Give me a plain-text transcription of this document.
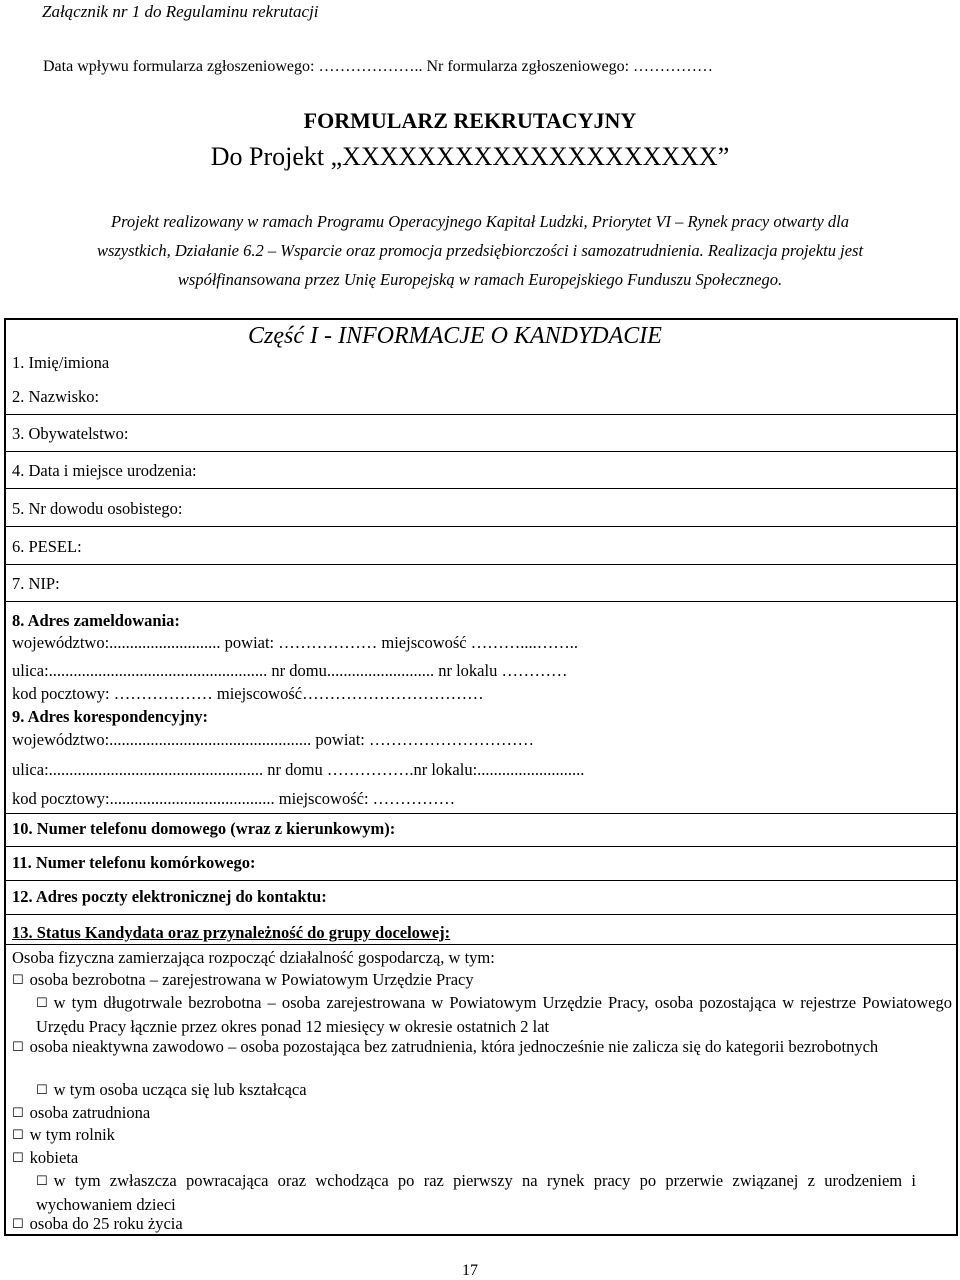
Załącznik nr 1 do Regulaminu rekrutacji
Data wpływu formularza zgłoszeniowego: ……………….. Nr formularza zgłoszeniowego: ……………
FORMULARZ REKRUTACYJNY
Do Projekt „XXXXXXXXXXXXXXXXXXXX”
Projekt realizowany w ramach Programu Operacyjnego Kapitał Ludzki, Priorytet VI – Rynek pracy otwarty dla
wszystkich, Działanie 6.2 – Wsparcie oraz promocja przedsiębiorczości i samozatrudnienia. Realizacja projektu jest
współfinansowana przez Unię Europejską w ramach Europejskiego Funduszu Społecznego.
Część I - INFORMACJE O KANDYDACIE
1. Imię/imiona
2. Nazwisko:
3. Obywatelstwo:
4. Data i miejsce urodzenia:
5. Nr dowodu osobistego:
6. PESEL:
7. NIP:
8. Adres zameldowania:
województwo:........................... powiat: ……………… miejscowość ………....……..
ulica:..................................................... nr domu.......................... nr lokalu …………
kod pocztowy: ……………… miejscowość……………………………
9. Adres korespondencyjny:
województwo:................................................. powiat: …………………………
ulica:.................................................... nr domu …………….nr lokalu:..........................
kod pocztowy:........................................ miejscowość: ……………
10. Numer telefonu domowego (wraz z kierunkowym):
11. Numer telefonu komórkowego:
12. Adres poczty elektronicznej do kontaktu:
13. Status Kandydata oraz przynależność do grupy docelowej:
Osoba fizyczna zamierzająca rozpocząć działalność gospodarczą, w tym:
☐ osoba bezrobotna – zarejestrowana w Powiatowym Urzędzie Pracy
☐ w tym długotrwale bezrobotna – osoba zarejestrowana w Powiatowym Urzędzie Pracy, osoba pozostająca w rejestrze Powiatowego Urzędu Pracy łącznie przez okres ponad 12 miesięcy w okresie ostatnich 2 lat
☐ osoba nieaktywna zawodowo – osoba pozostająca bez zatrudnienia, która jednocześnie nie zalicza się do kategorii bezrobotnych
☐ w tym osoba ucząca się lub kształcąca
☐ osoba zatrudniona
☐ w tym rolnik
☐ kobieta
☐ w tym zwłaszcza powracająca oraz wchodząca po raz pierwszy na rynek pracy po przerwie związanej z urodzeniem i wychowaniem dzieci
☐ osoba do 25 roku życia
17
